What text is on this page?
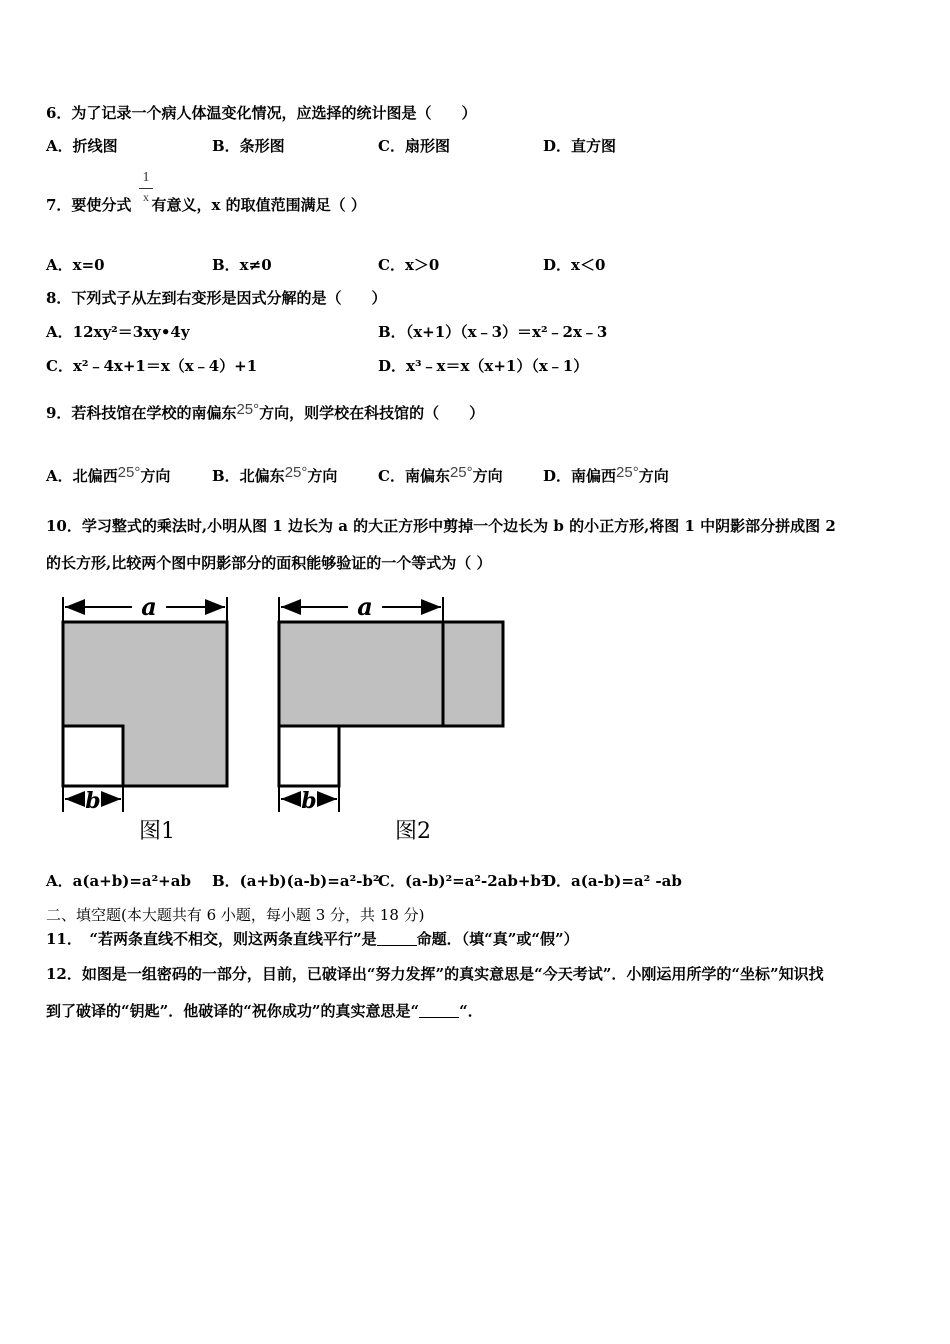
6．为了记录一个病人体温变化情况，应选择的统计图是（　　）
A．折线图	B．条形图	C．扇形图	D．直方图
7．要使分式 有意义，x 的取值范围满足（ ）
1
x
A．x=0	B．x≠0	C．x＞0	D．x＜0
8．下列式子从左到右变形是因式分解的是（　　）
A．12xy²＝3xy•4y	B．（x+1）（x﹣3）＝x²﹣2x﹣3
C．x²﹣4x+1＝x（x﹣4）+1	D．x³﹣x＝x（x+1）（x﹣1）
9．若科技馆在学校的南偏东25°方向，则学校在科技馆的（　　）
A．北偏西25°方向	B．北偏东25°方向	C．南偏东25°方向	D．南偏西25°方向
10．学习整式的乘法时,小明从图 1 边长为 a 的大正方形中剪掉一个边长为 b 的小正方形,将图 1 中阴影部分拼成图 2
的长方形,比较两个图中阴影部分的面积能够验证的一个等式为（ ）
a
b
图1
a
b
图2
A．a(a+b)=a²+ab B．(a+b)(a-b)=a²-b²
C．(a-b)²=a²-2ab+b²
D．a(a-b)=a² -ab
二、填空题(本大题共有 6 小题，每小题 3 分，共 18 分)
11．　“若两条直线不相交，则这两条直线平行”是	命题．（填“真”或“假”）
12．如图是一组密码的一部分，目前，已破译出“努力发挥”的真实意思是“今天考试”．小刚运用所学的“坐标”知识找
到了破译的“钥匙”．他破译的“祝你成功”的真实意思是“	“．
